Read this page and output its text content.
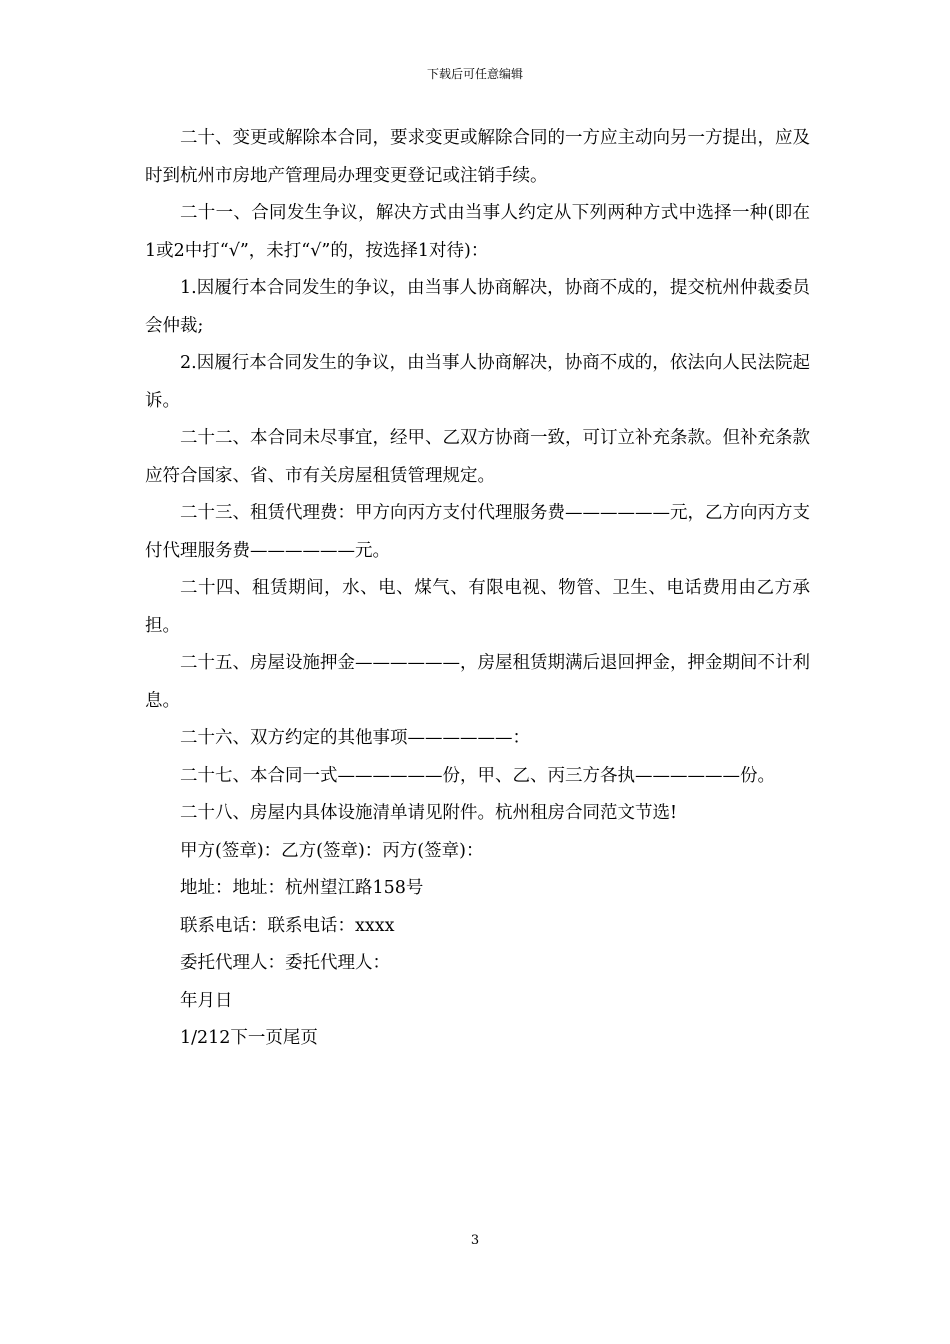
下载后可任意编辑

二十、变更或解除本合同，要求变更或解除合同的一方应主动向另一方提出，应及时到杭州市房地产管理局办理变更登记或注销手续。

二十一、合同发生争议，解决方式由当事人约定从下列两种方式中选择一种(即在1或2中打“√”，未打“√”的，按选择1对待)：

1.因履行本合同发生的争议，由当事人协商解决，协商不成的，提交杭州仲裁委员会仲裁;

2.因履行本合同发生的争议，由当事人协商解决，协商不成的，依法向人民法院起诉。

二十二、本合同未尽事宜，经甲、乙双方协商一致，可订立补充条款。但补充条款应符合国家、省、市有关房屋租赁管理规定。

二十三、租赁代理费：甲方向丙方支付代理服务费——————元，乙方向丙方支付代理服务费——————元。

二十四、租赁期间，水、电、煤气、有限电视、物管、卫生、电话费用由乙方承担。

二十五、房屋设施押金——————，房屋租赁期满后退回押金，押金期间不计利息。

二十六、双方约定的其他事项——————：

二十七、本合同一式——————份，甲、乙、丙三方各执——————份。

二十八、房屋内具体设施清单请见附件。杭州租房合同范文节选!

甲方(签章)：乙方(签章)：丙方(签章)：

地址：地址：杭州望江路158号

联系电话：联系电话：xxxx

委托代理人：委托代理人：

年月日

1/212下一页尾页

3
